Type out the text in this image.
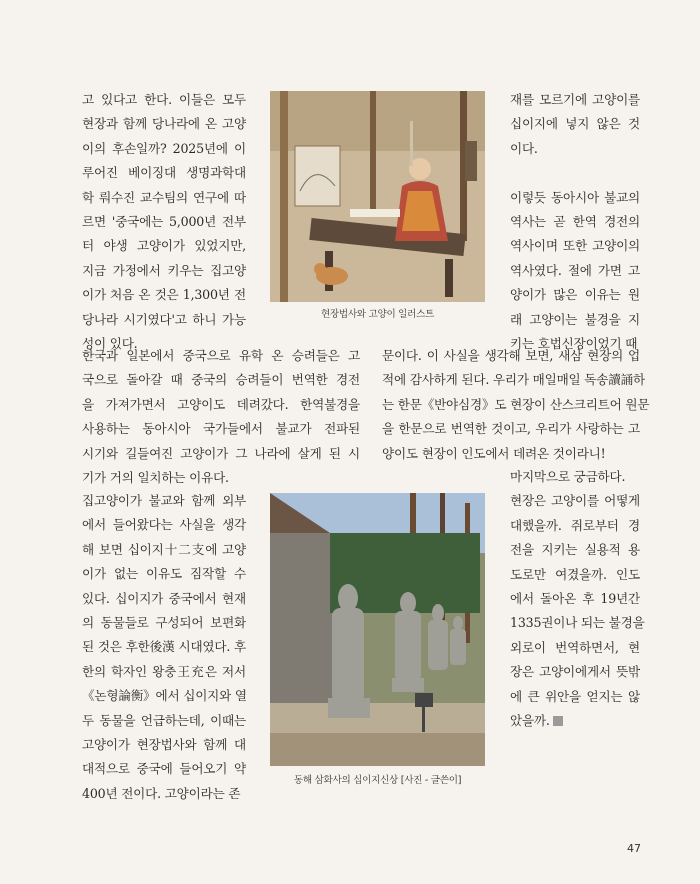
고 있다고 한다. 이들은 모두
현장과 함께 당나라에 온 고양
이의 후손일까? 2025년에 이
루어진 베이징대 생명과학대
학 뤄수진 교수팀의 연구에 따
르면 '중국에는 5,000년 전부
터 야생 고양이가 있었지만,
지금 가정에서 키우는 집고양
이가 처음 온 것은 1,300년 전
당나라 시기였다'고 하니 가능
성이 있다.
재를 모르기에 고양이를
십이지에 넣지 않은 것
이다.

이렇듯 동아시아 불교의
역사는 곧 한역 경전의
역사이며 또한 고양이의
역사였다. 절에 가면 고
양이가 많은 이유는 원
래 고양이는 불경을 지
키는 호법신장이었기 때
한국과 일본에서 중국으로 유학 온 승려들은 고
국으로 돌아갈 때 중국의 승려들이 번역한 경전
을 가져가면서 고양이도 데려갔다. 한역불경을
사용하는 동아시아 국가들에서 불교가 전파된
시기와 길들여진 고양이가 그 나라에 살게 된 시
기가 거의 일치하는 이유다.
문이다. 이 사실을 생각해 보면, 새삼 현장의 업
적에 감사하게 된다. 우리가 매일매일 독송讀誦하
는 한문《반야심경》도 현장이 산스크리트어 원문
을 한문으로 번역한 것이고, 우리가 사랑하는 고
양이도 현장이 인도에서 데려온 것이라니!
집고양이가 불교와 함께 외부
에서 들어왔다는 사실을 생각
해 보면 십이지十二支에 고양
이가 없는 이유도 짐작할 수
있다. 십이지가 중국에서 현재
의 동물들로 구성되어 보편화
된 것은 후한後漢 시대였다. 후
한의 학자인 왕충王充은 저서
《논형論衡》에서 십이지와 열
두 동물을 언급하는데, 이때는
고양이가 현장법사와 함께 대
대적으로 중국에 들어오기 약
400년 전이다. 고양이라는 존
마지막으로 궁금하다.
현장은 고양이를 어떻게
대했을까. 쥐로부터 경
전을 지키는 실용적 용
도로만 여겼을까. 인도
에서 돌아온 후 19년간
1335권이나 되는 불경을
외로이 번역하면서, 현
장은 고양이에게서 뜻밖
에 큰 위안을 얻지는 않
았을까.
현장법사와 고양이 일러스트
동해 삼화사의 십이지신상 [사진 - 글쓴이]
47
